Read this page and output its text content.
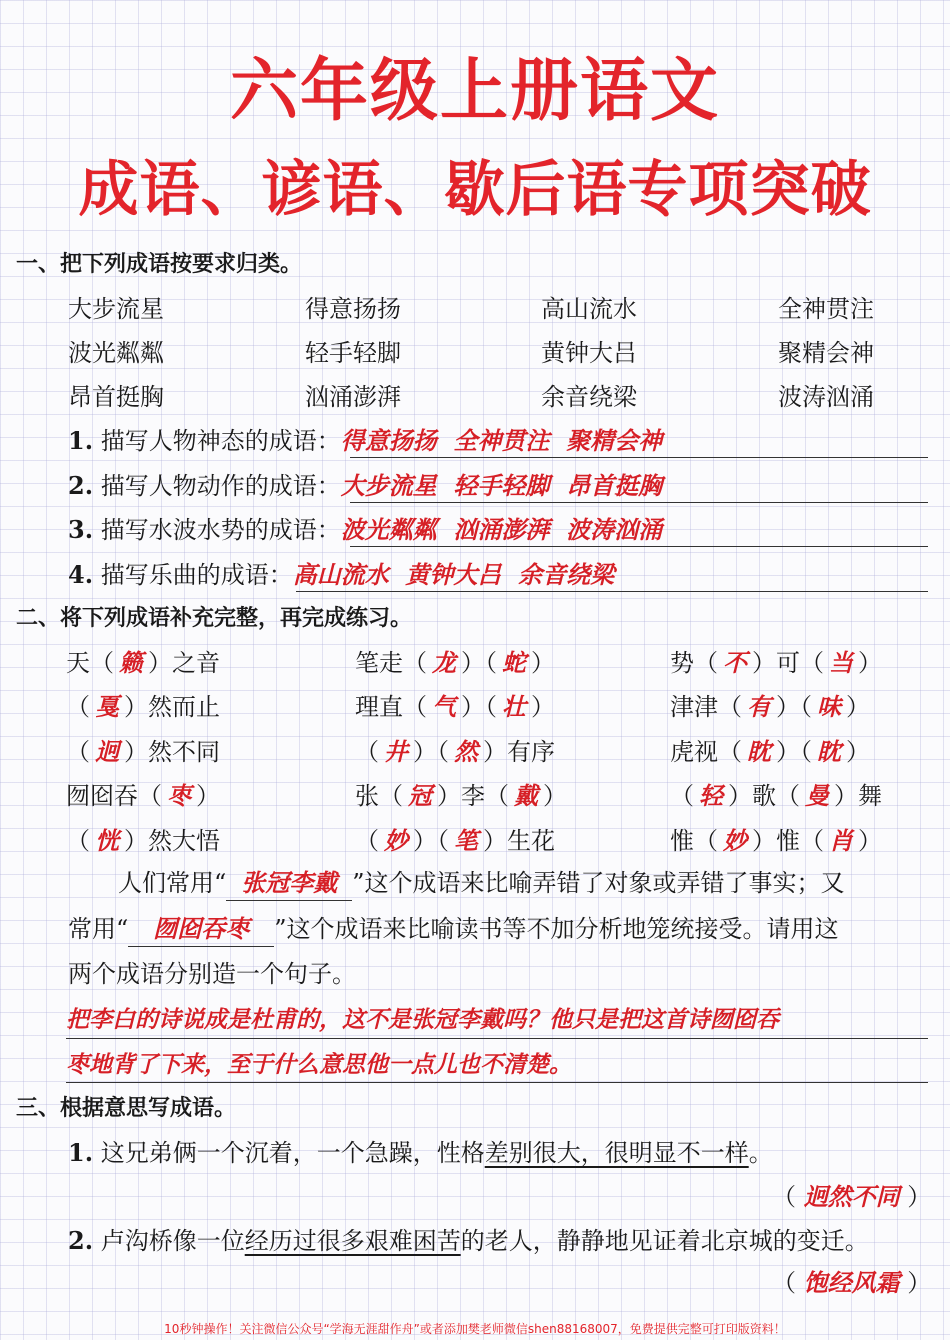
六年级上册语文
成语、谚语、歇后语专项突破
一、把下列成语按要求归类。
大步流星	得意扬扬	高山流水	全神贯注
波光粼粼	轻手轻脚	黄钟大吕	聚精会神
昂首挺胸	汹涌澎湃	余音绕梁	波涛汹涌
1. 描写人物神态的成语：得意扬扬  全神贯注  聚精会神
2. 描写人物动作的成语：大步流星  轻手轻脚  昂首挺胸
3. 描写水波水势的成语：波光粼粼  汹涌澎湃  波涛汹涌
4. 描写乐曲的成语：高山流水  黄钟大吕  余音绕梁
二、将下列成语补充完整，再完成练习。
天（ 籁 ）之音	笔走（ 龙 ）（ 蛇 ）	势（ 不 ）可（ 当 ）
（ 戛 ）然而止	理直（ 气 ）（ 壮 ）	津津（ 有 ）（ 味 ）
（ 迥 ）然不同	（ 井 ）（ 然 ）有序	虎视（ 眈 ）（ 眈 ）
囫囵吞（ 枣 ）	张（ 冠 ）李（ 戴 ）	（ 轻 ）歌（ 曼 ）舞
（ 恍 ）然大悟	（ 妙 ）（ 笔 ）生花	惟（ 妙 ）惟（ 肖 ）
人们常用“ 张冠李戴 ”这个成语来比喻弄错了对象或弄错了事实；又
常用“ 囫囵吞枣 ”这个成语来比喻读书等不加分析地笼统接受。请用这
两个成语分别造一个句子。
把李白的诗说成是杜甫的，这不是张冠李戴吗？他只是把这首诗囫囵吞
枣地背了下来，至于什么意思他一点儿也不清楚。
三、根据意思写成语。
1. 这兄弟俩一个沉着，一个急躁，性格差别很大，很明显不一样。
（ 迥然不同 ）
2. 卢沟桥像一位经历过很多艰难困苦的老人，静静地见证着北京城的变迁。
（ 饱经风霜 ）
10秒钟操作！关注微信公众号“学海无涯甜作舟”或者添加樊老师微信shen88168007，免费提供完整可打印版资料！
